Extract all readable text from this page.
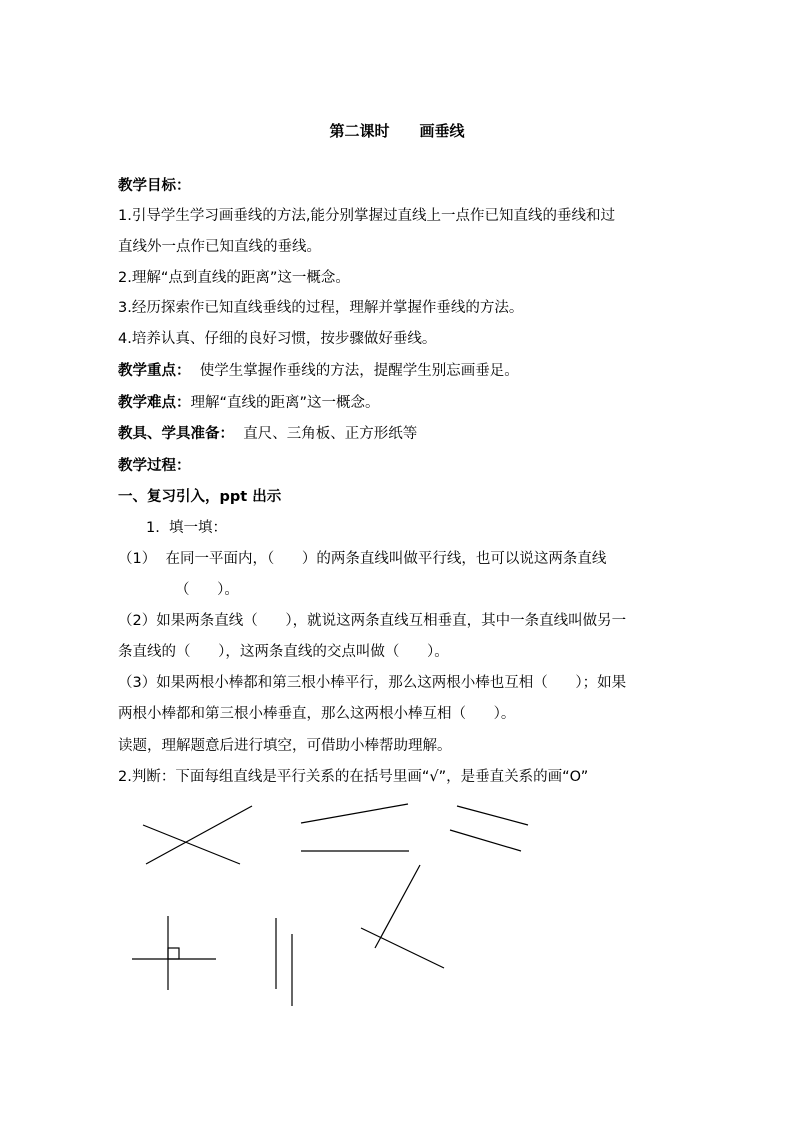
第二课时　　画垂线
教学目标：
1.引导学生学习画垂线的方法,能分别掌握过直线上一点作已知直线的垂线和过
直线外一点作已知直线的垂线。
2.理解“点到直线的距离”这一概念。
3.经历探索作已知直线垂线的过程，理解并掌握作垂线的方法。
4.培养认真、仔细的良好习惯，按步骤做好垂线。
教学重点：  使学生掌握作垂线的方法，提醒学生别忘画垂足。
教学难点：理解“直线的距离”这一概念。
教具、学具准备：  直尺、三角板、正方形纸等
教学过程：
一、复习引入，ppt 出示
1.  填一填：
（1）  在同一平面内，（      ）的两条直线叫做平行线，也可以说这两条直线
（      ）。
（2）如果两条直线（      ），就说这两条直线互相垂直，其中一条直线叫做另一
条直线的（      ），这两条直线的交点叫做（      ）。
（3）如果两根小棒都和第三根小棒平行，那么这两根小棒也互相（      ）；如果
两根小棒都和第三根小棒垂直，那么这两根小棒互相（      ）。
读题，理解题意后进行填空，可借助小棒帮助理解。
2.判断：下面每组直线是平行关系的在括号里画“√”，是垂直关系的画“O”
